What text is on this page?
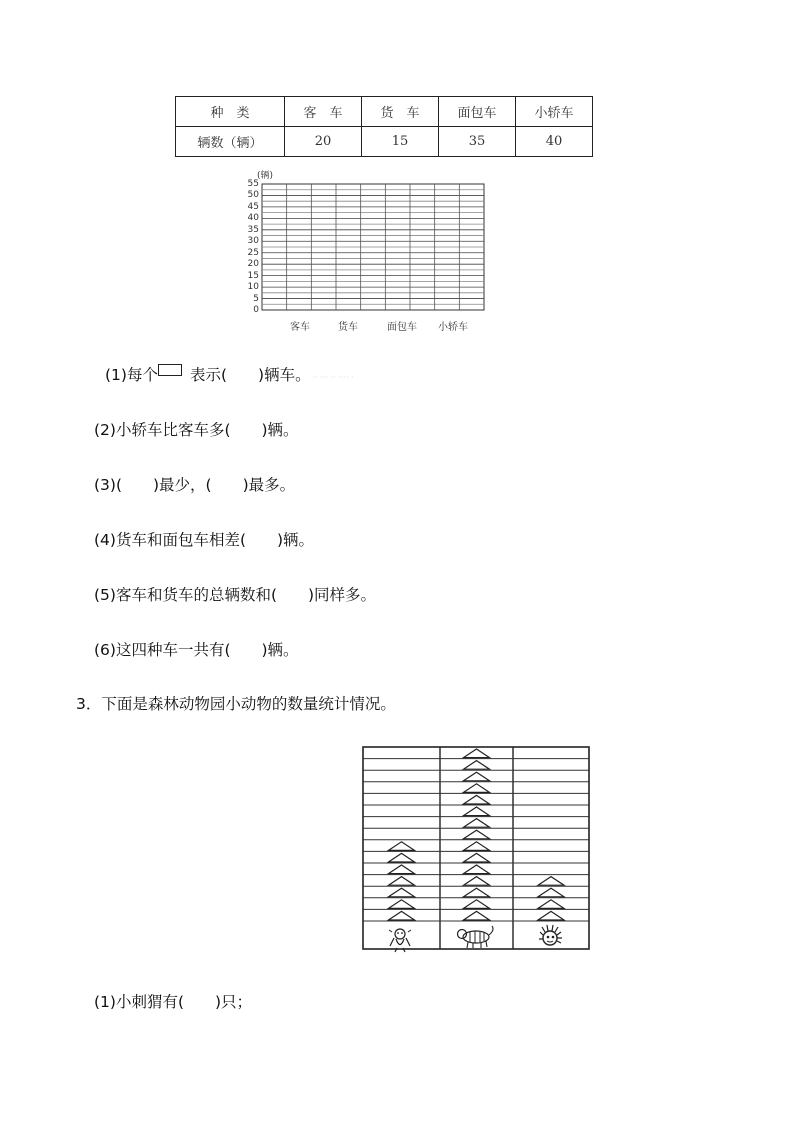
种　类	客　车	货　车	面包车	小轿车
辆数（辆）	20	15	35	40
(辆)
55
50
45
40
35
30
25
20
15
10
5
0
客车	货车	面包车	小轿车
(1)每个 表示(　　)辆车。 ·· ··· ·· ···· ·
(2)小轿车比客车多(　　)辆。
(3)(　　)最少，(　　)最多。
(4)货车和面包车相差(　　)辆。
(5)客车和货车的总辆数和(　　)同样多。
(6)这四种车一共有(　　)辆。
3．下面是森林动物园小动物的数量统计情况。
(1)小刺猬有(　　)只；
